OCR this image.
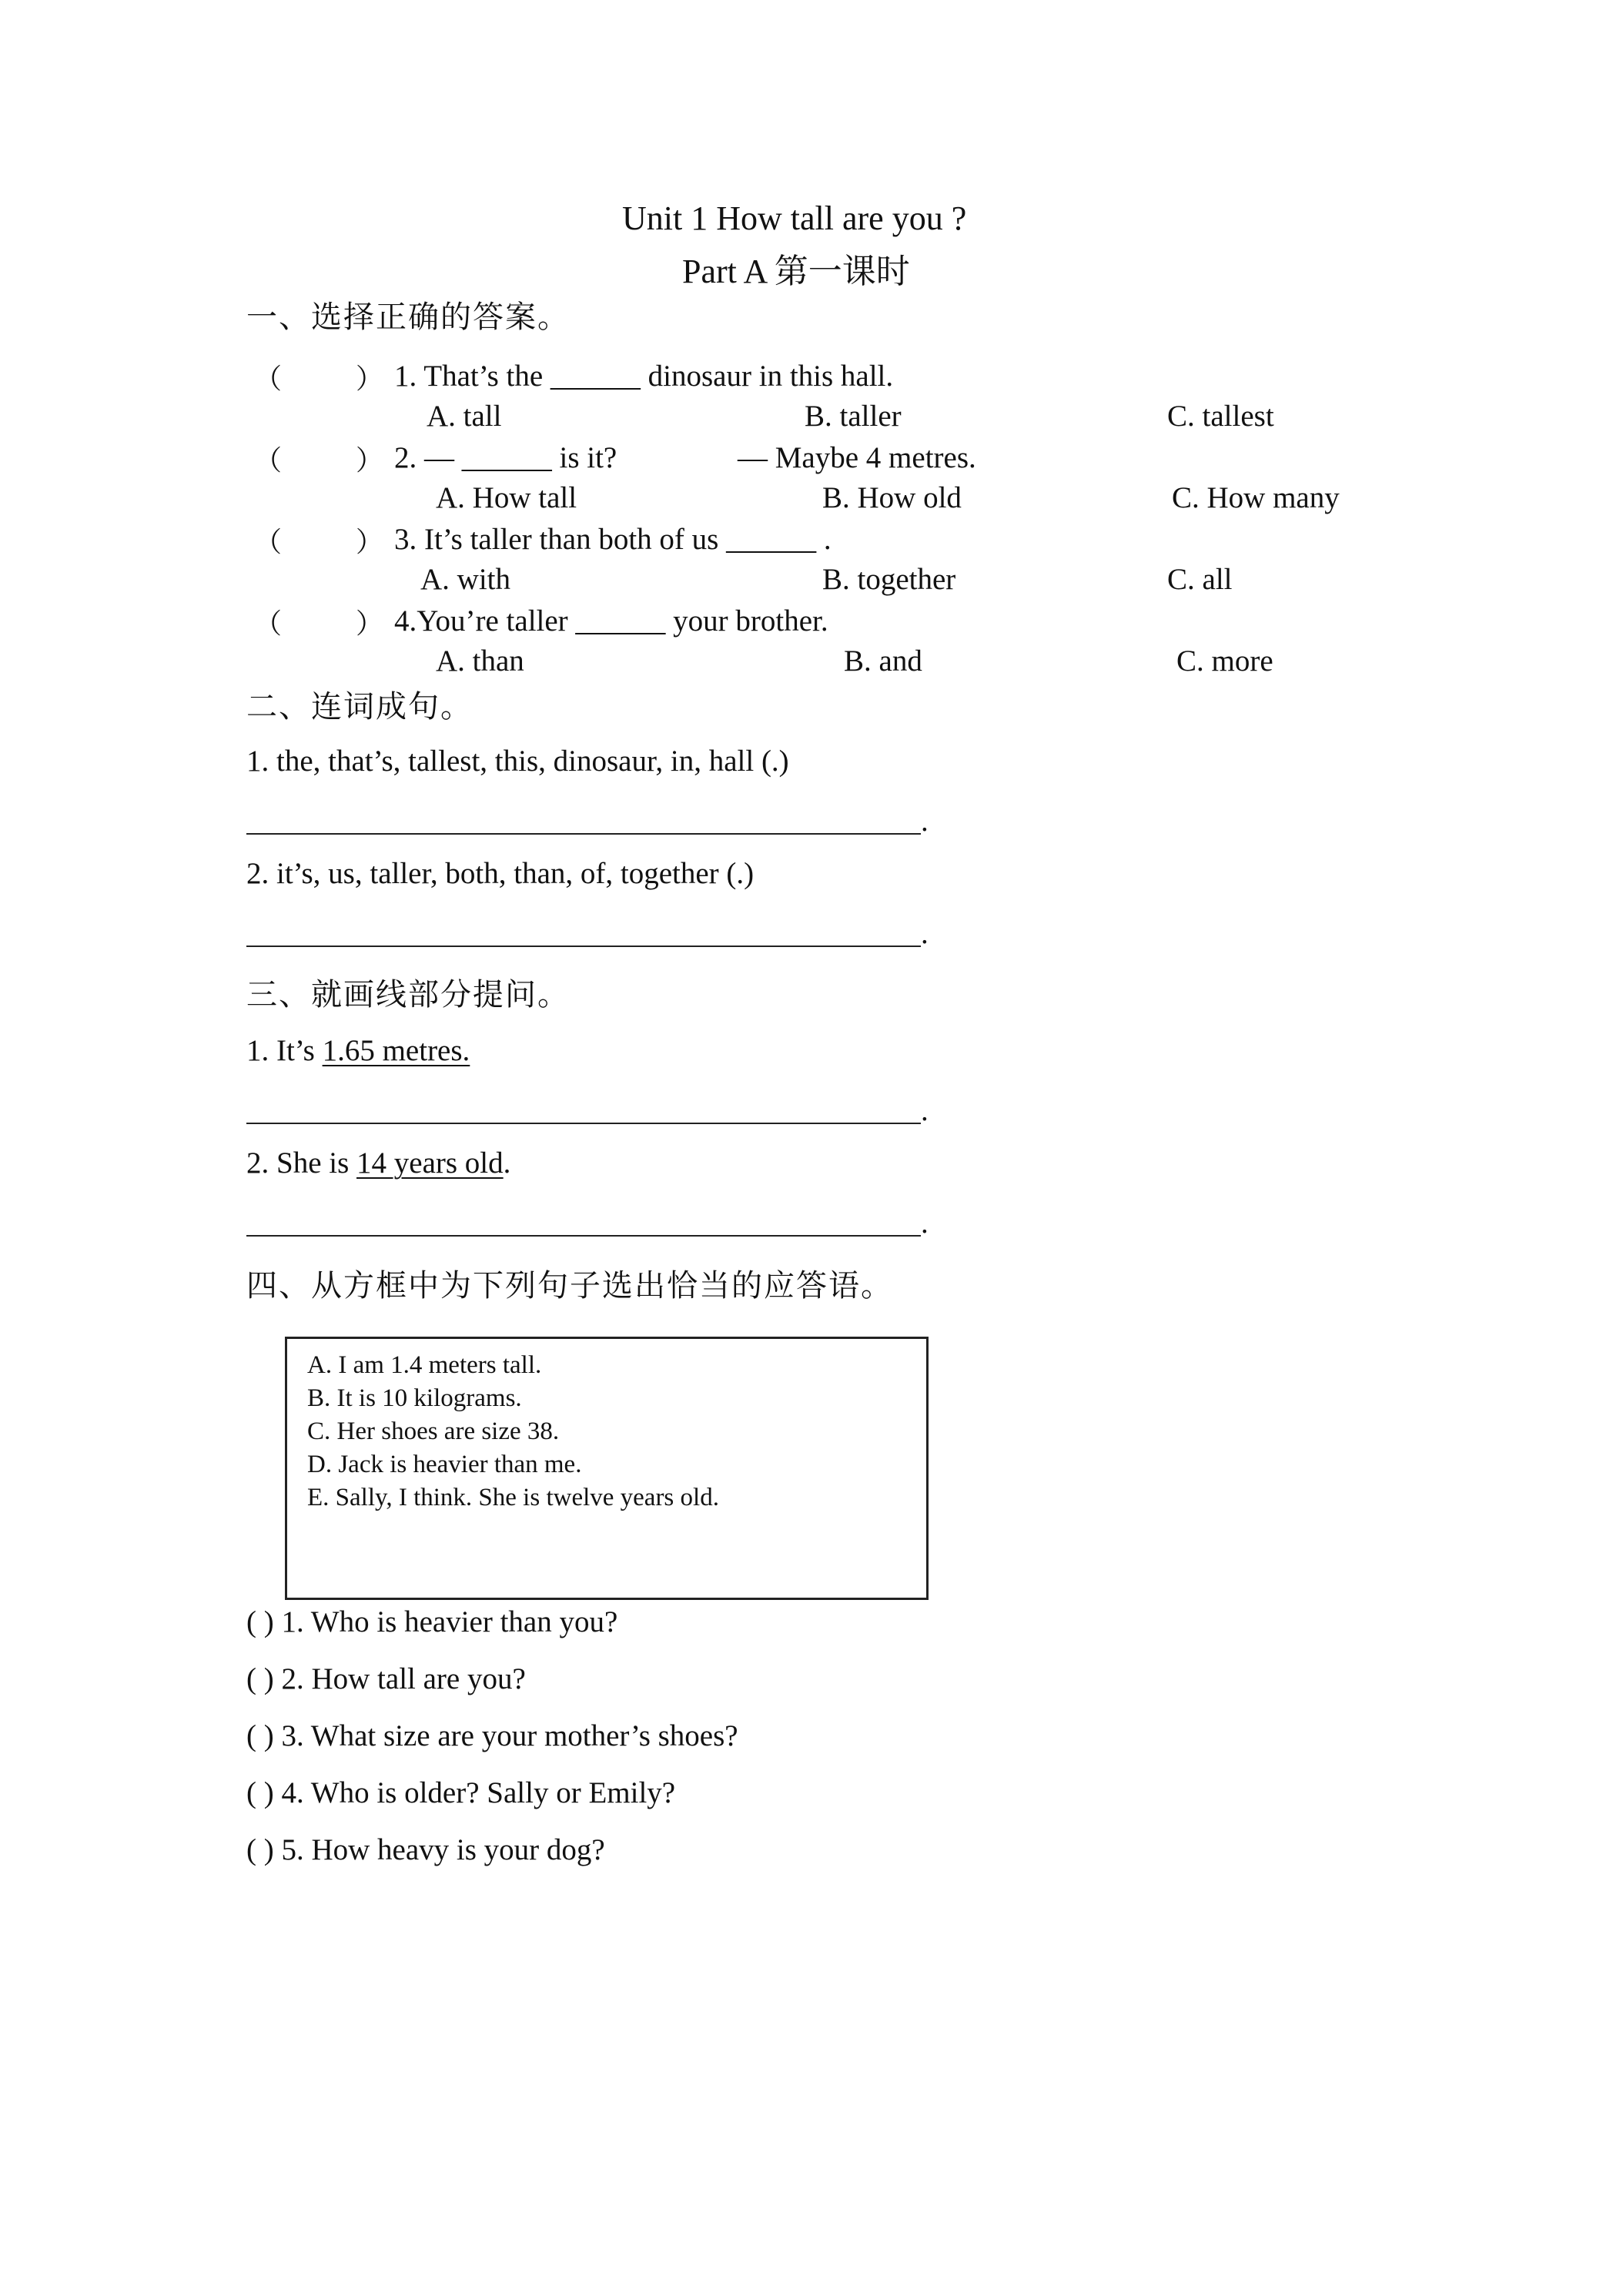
Unit 1 How tall are you ?
Part A 第一课时
一、选择正确的答案。
（	） 1. That’s the ______ dinosaur in this hall.
A. tall	B. taller	C. tallest
（	） 2. — ______ is it?	— Maybe 4 metres.
A. How tall	B. How old	C. How many
（	） 3. It’s taller than both of us ______ .
A. with	B. together	C. all
（	） 4.You’re taller ______ your brother.
A. than	B. and	C. more
二、连词成句。
1. the, that’s, tallest, this, dinosaur, in, hall (.)
.
2. it’s, us, taller, both, than, of, together (.)
.
三、就画线部分提问。
1. It’s 1.65 metres.
.
2. She is 14 years old.
.
四、从方框中为下列句子选出恰当的应答语。
A. I am 1.4 meters tall.
B. It is 10 kilograms.
C. Her shoes are size 38.
D. Jack is heavier than me.
E. Sally, I think. She is twelve years old.
( ) 1. Who is heavier than you?
( ) 2. How tall are you?
( ) 3. What size are your mother’s shoes?
( ) 4. Who is older? Sally or Emily?
( ) 5. How heavy is your dog?
